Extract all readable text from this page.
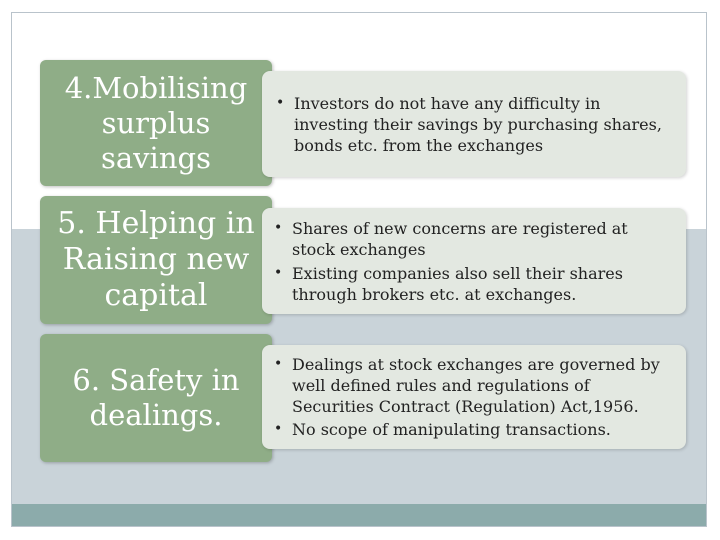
4.Mobilising
surplus
savings
• Investors do not have any difficulty in investing their savings by purchasing shares, bonds etc. from the exchanges
5. Helping in
Raising new
capital
• Shares of new concerns are registered at stock exchanges
• Existing companies also sell their shares through brokers etc. at exchanges.
6. Safety in
dealings.
• Dealings at stock exchanges are governed by well defined rules and regulations of Securities Contract (Regulation) Act,1956.
• No scope of manipulating transactions.
